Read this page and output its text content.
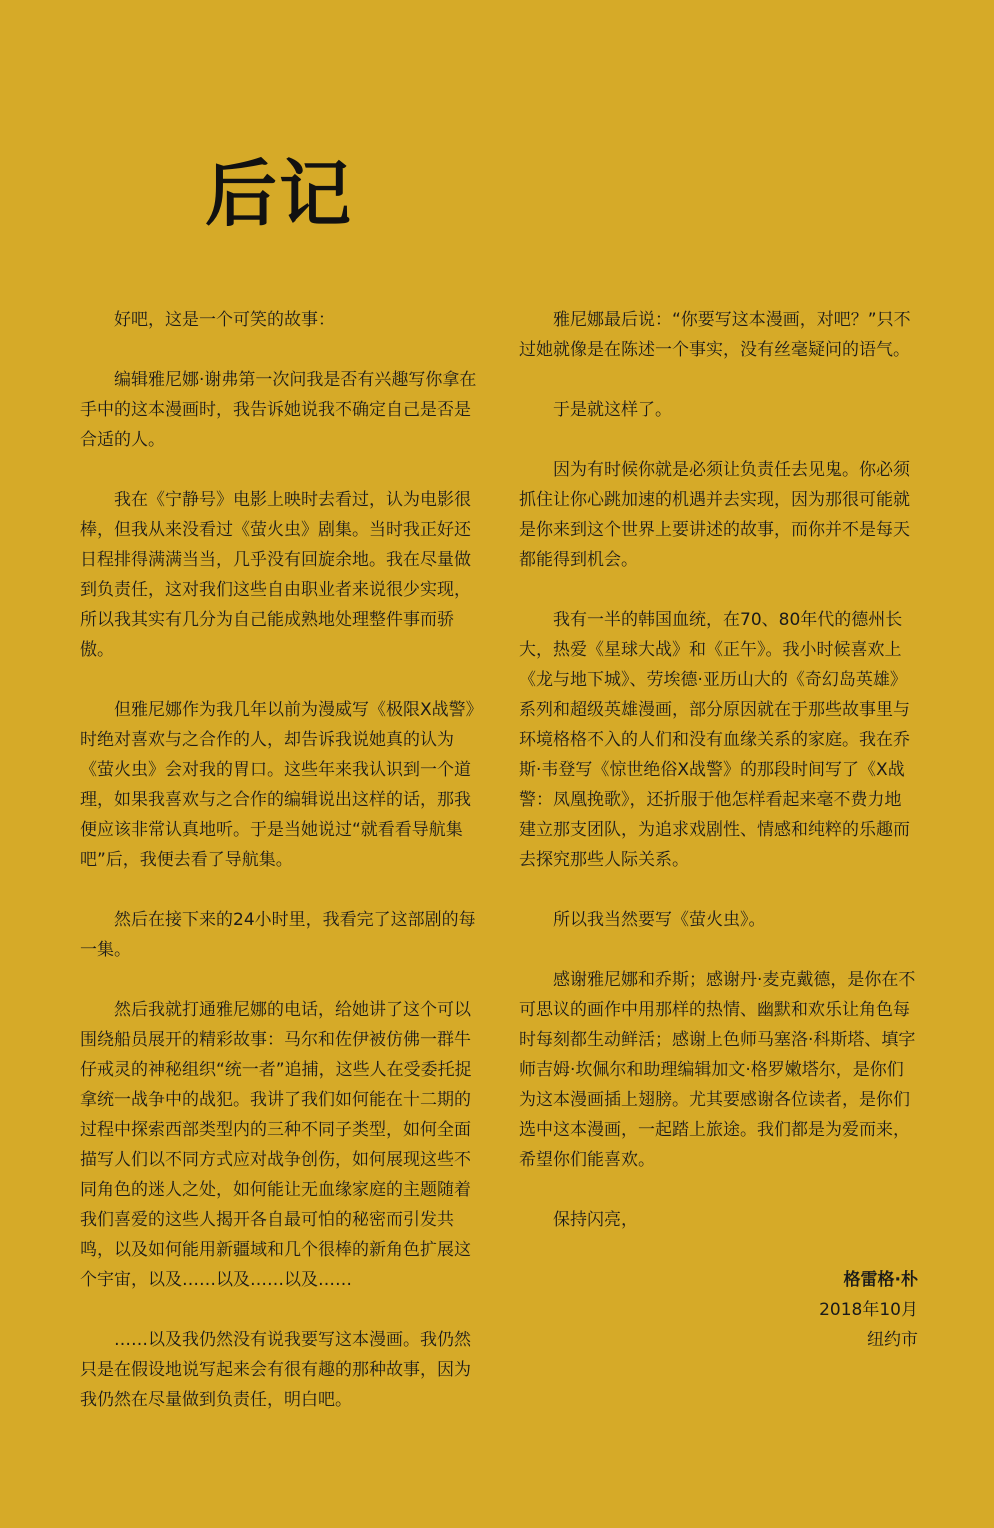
后记

好吧，这是一个可笑的故事：

编辑雅尼娜·谢弗第一次问我是否有兴趣写你拿在手中的这本漫画时，我告诉她说我不确定自己是否是合适的人。

我在《宁静号》电影上映时去看过，认为电影很棒，但我从来没看过《萤火虫》剧集。当时我正好还日程排得满满当当，几乎没有回旋余地。我在尽量做到负责任，这对我们这些自由职业者来说很少实现，所以我其实有几分为自己能成熟地处理整件事而骄傲。

但雅尼娜作为我几年以前为漫威写《极限X战警》时绝对喜欢与之合作的人，却告诉我说她真的认为《萤火虫》会对我的胃口。这些年来我认识到一个道理，如果我喜欢与之合作的编辑说出这样的话，那我便应该非常认真地听。于是当她说过“就看看导航集吧”后，我便去看了导航集。

然后在接下来的24小时里，我看完了这部剧的每一集。

然后我就打通雅尼娜的电话，给她讲了这个可以围绕船员展开的精彩故事：马尔和佐伊被仿佛一群牛仔戒灵的神秘组织“统一者”追捕，这些人在受委托捉拿统一战争中的战犯。我讲了我们如何能在十二期的过程中探索西部类型内的三种不同子类型，如何全面描写人们以不同方式应对战争创伤，如何展现这些不同角色的迷人之处，如何能让无血缘家庭的主题随着我们喜爱的这些人揭开各自最可怕的秘密而引发共鸣，以及如何能用新疆域和几个很棒的新角色扩展这个宇宙，以及……以及……以及……

……以及我仍然没有说我要写这本漫画。我仍然只是在假设地说写起来会有很有趣的那种故事，因为我仍然在尽量做到负责任，明白吧。

雅尼娜最后说：“你要写这本漫画，对吧？”只不过她就像是在陈述一个事实，没有丝毫疑问的语气。

于是就这样了。

因为有时候你就是必须让负责任去见鬼。你必须抓住让你心跳加速的机遇并去实现，因为那很可能就是你来到这个世界上要讲述的故事，而你并不是每天都能得到机会。

我有一半的韩国血统，在70、80年代的德州长大，热爱《星球大战》和《正午》。我小时候喜欢上《龙与地下城》、劳埃德·亚历山大的《奇幻岛英雄》系列和超级英雄漫画，部分原因就在于那些故事里与环境格格不入的人们和没有血缘关系的家庭。我在乔斯·韦登写《惊世绝俗X战警》的那段时间写了《X战警：凤凰挽歌》，还折服于他怎样看起来毫不费力地建立那支团队，为追求戏剧性、情感和纯粹的乐趣而去探究那些人际关系。

所以我当然要写《萤火虫》。

感谢雅尼娜和乔斯；感谢丹·麦克戴德，是你在不可思议的画作中用那样的热情、幽默和欢乐让角色每时每刻都生动鲜活；感谢上色师马塞洛·科斯塔、填字师吉姆·坎佩尔和助理编辑加文·格罗嫩塔尔，是你们为这本漫画插上翅膀。尤其要感谢各位读者，是你们选中这本漫画，一起踏上旅途。我们都是为爱而来，希望你们能喜欢。

保持闪亮，

格雷格·朴
2018年10月
纽约市
